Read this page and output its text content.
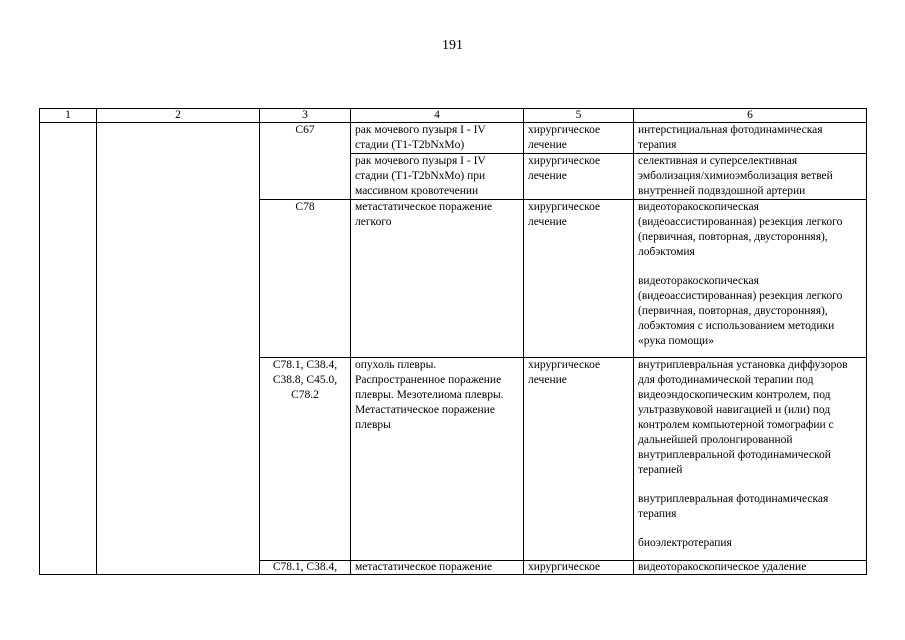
191
1	2	3	4	5	6
		C67	рак мочевого пузыря I - IV стадии (T1-T2bNxMo)	хирургическое лечение	интерстициальная фотодинамическая терапия
			рак мочевого пузыря I - IV стадии (T1-T2bNxMo) при массивном кровотечении	хирургическое лечение	селективная и суперселективная эмболизация/химиоэмболизация ветвей внутренней подвздошной артерии
		C78	метастатическое поражение легкого	хирургическое лечение	видеоторакоскопическая (видеоассистированная) резекция легкого (первичная, повторная, двусторонняя), лобэктомия
видеоторакоскопическая (видеоассистированная) резекция легкого (первичная, повторная, двусторонняя), лобэктомия с использованием методики «рука помощи»

		C78.1, C38.4, C38.8, C45.0, C78.2	опухоль плевры. Распространенное поражение плевры. Мезотелиома плевры. Метастатическое поражение плевры	хирургическое лечение	внутриплевральная установка диффузоров для фотодинамической терапии под видеоэндоскопическим контролем, под ультразвуковой навигацией и (или) под контролем компьютерной томографии с дальнейшей пролонгированной внутриплевральной фотодинамической терапией
внутриплевральная фотодинамическая терапия
биоэлектротерапия

		C78.1, C38.4,	метастатическое поражение	хирургическое	видеоторакоскопическое удаление
